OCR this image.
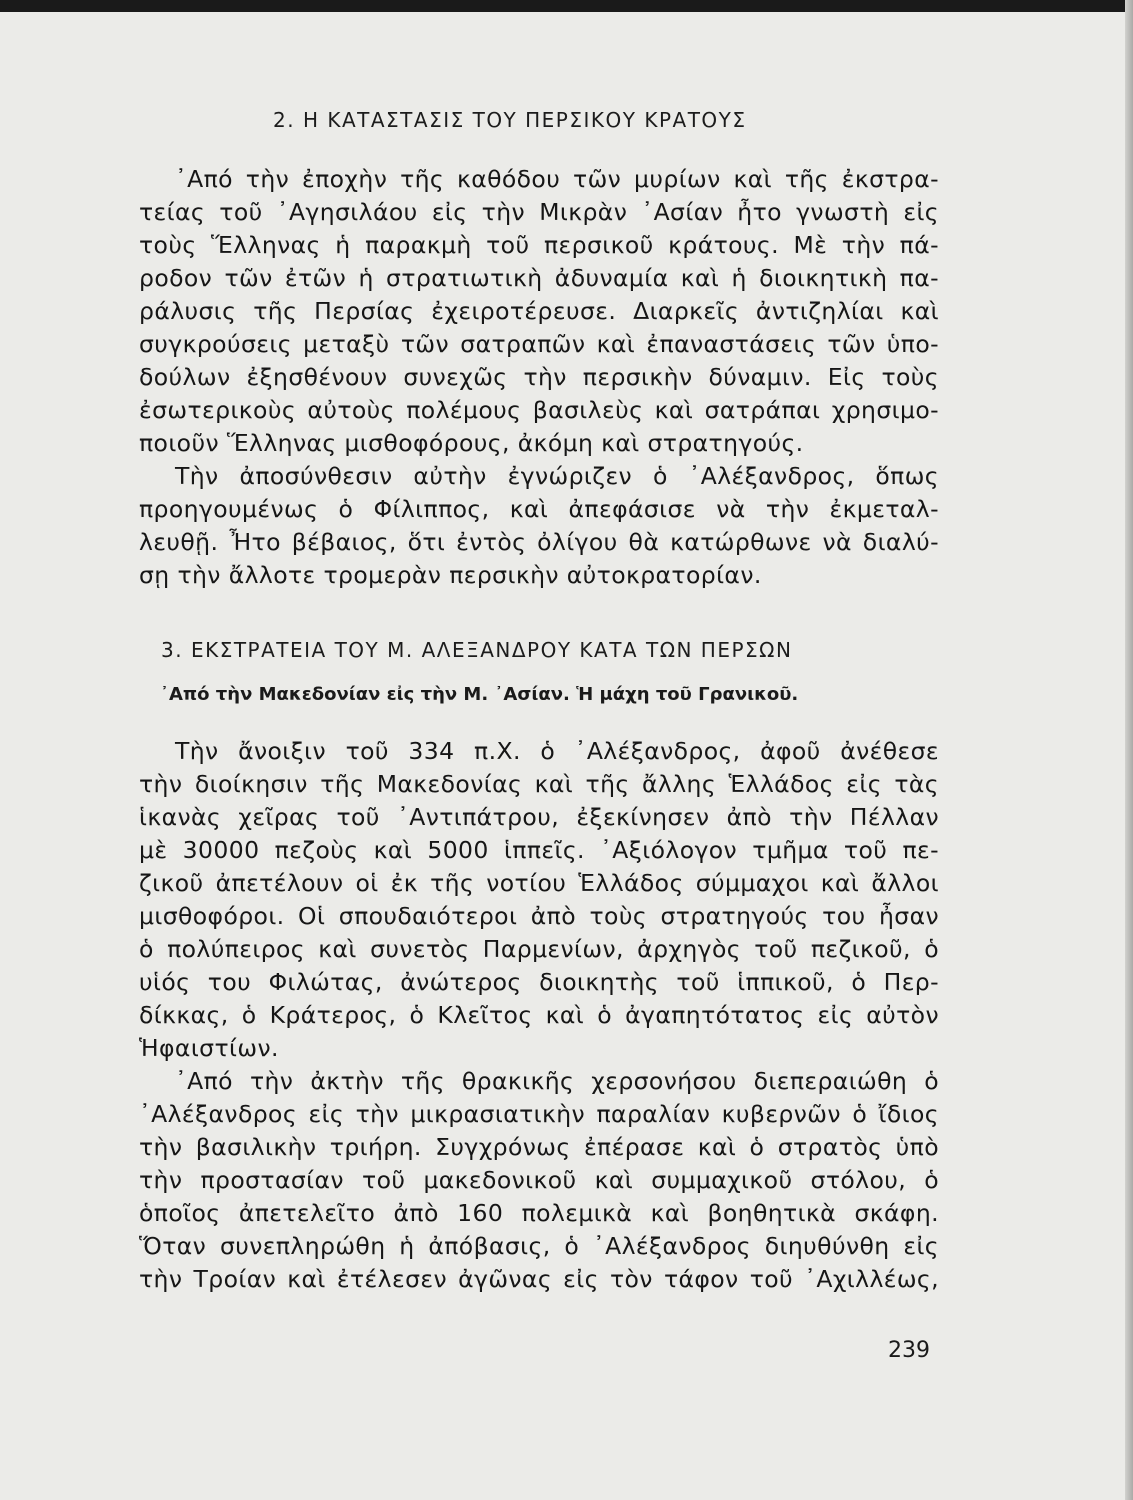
2. Η ΚΑΤΑΣΤΑΣΙΣ ΤΟΥ ΠΕΡΣΙΚΟΥ ΚΡΑΤΟΥΣ
᾿Από τὴν ἐποχὴν τῆς καθόδου τῶν μυρίων καὶ τῆς ἐκστρα-
τείας τοῦ ᾿Αγησιλάου εἰς τὴν Μικρὰν ᾿Ασίαν ἦτο γνωστὴ εἰς
τοὺς Ἕλληνας ἡ παρακμὴ τοῦ περσικοῦ κράτους. Μὲ τὴν πά-
ροδον τῶν ἐτῶν ἡ στρατιωτικὴ ἀδυναμία καὶ ἡ διοικητικὴ πα-
ράλυσις τῆς Περσίας ἐχειροτέρευσε. Διαρκεῖς ἀντιζηλίαι καὶ
συγκρούσεις μεταξὺ τῶν σατραπῶν καὶ ἐπαναστάσεις τῶν ὑπο-
δούλων ἐξησθένουν συνεχῶς τὴν περσικὴν δύναμιν. Εἰς τοὺς
ἐσωτερικοὺς αὐτοὺς πολέμους βασιλεὺς καὶ σατράπαι χρησιμο-
ποιοῦν Ἕλληνας μισθοφόρους, ἀκόμη καὶ στρατηγούς.
Τὴν ἀποσύνθεσιν αὐτὴν ἐγνώριζεν ὁ ᾿Αλέξανδρος, ὅπως
προηγουμένως ὁ Φίλιππος, καὶ ἀπεφάσισε νὰ τὴν ἐκμεταλ-
λευθῇ. Ἦτο βέβαιος, ὅτι ἐντὸς ὀλίγου θὰ κατώρθωνε νὰ διαλύ-
σῃ τὴν ἄλλοτε τρομερὰν περσικὴν αὐτοκρατορίαν.
3. ΕΚΣΤΡΑΤΕΙΑ ΤΟΥ Μ. ΑΛΕΞΑΝΔΡΟΥ ΚΑΤΑ ΤΩΝ ΠΕΡΣΩΝ
᾿Από τὴν Μακεδονίαν εἰς τὴν Μ. ᾿Ασίαν. Ἡ μάχη τοῦ Γρανικοῦ.
Τὴν ἄνοιξιν τοῦ 334 π.Χ. ὁ ᾿Αλέξανδρος, ἀφοῦ ἀνέθεσε
τὴν διοίκησιν τῆς Μακεδονίας καὶ τῆς ἄλλης Ἑλλάδος εἰς τὰς
ἱκανὰς χεῖρας τοῦ ᾿Αντιπάτρου, ἐξεκίνησεν ἀπὸ τὴν Πέλλαν
μὲ 30000 πεζοὺς καὶ 5000 ἱππεῖς. ᾿Αξιόλογον τμῆμα τοῦ πε-
ζικοῦ ἀπετέλουν οἱ ἐκ τῆς νοτίου Ἑλλάδος σύμμαχοι καὶ ἄλλοι
μισθοφόροι. Οἱ σπουδαιότεροι ἀπὸ τοὺς στρατηγούς του ἦσαν
ὁ πολύπειρος καὶ συνετὸς Παρμενίων, ἀρχηγὸς τοῦ πεζικοῦ, ὁ
υἱός του Φιλώτας, ἀνώτερος διοικητὴς τοῦ ἱππικοῦ, ὁ Περ-
δίκκας, ὁ Κράτερος, ὁ Κλεῖτος καὶ ὁ ἀγαπητότατος εἰς αὐτὸν
Ἡφαιστίων.
᾿Από τὴν ἀκτὴν τῆς θρακικῆς χερσονήσου διεπεραιώθη ὁ
᾿Αλέξανδρος εἰς τὴν μικρασιατικὴν παραλίαν κυβερνῶν ὁ ἴδιος
τὴν βασιλικὴν τριήρη. Συγχρόνως ἐπέρασε καὶ ὁ στρατὸς ὑπὸ
τὴν προστασίαν τοῦ μακεδονικοῦ καὶ συμμαχικοῦ στόλου, ὁ
ὁποῖος ἀπετελεῖτο ἀπὸ 160 πολεμικὰ καὶ βοηθητικὰ σκάφη.
Ὅταν συνεπληρώθη ἡ ἀπόβασις, ὁ ᾿Αλέξανδρος διηυθύνθη εἰς
τὴν Τροίαν καὶ ἐτέλεσεν ἀγῶνας εἰς τὸν τάφον τοῦ ᾿Αχιλλέως,
239
